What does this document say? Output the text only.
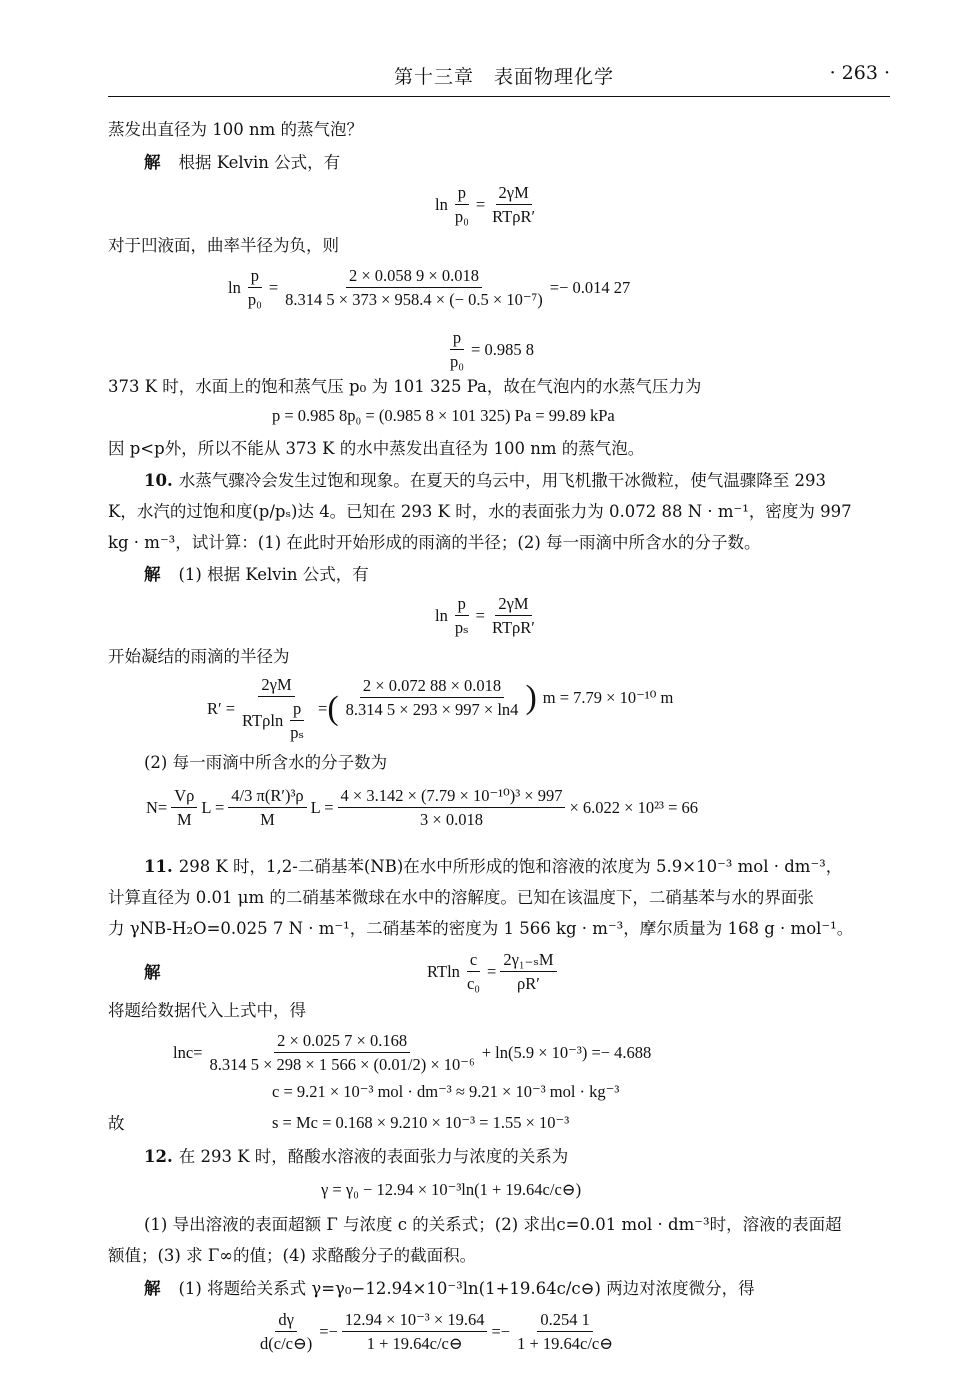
第十三章　表面物理化学	· 263 ·
蒸发出直径为 100 nm 的蒸气泡？
解 根据 Kelvin 公式，有
$\ln \frac{p}{\text{p₀}} = \frac{2\gamma M}{\text{RTρR′}}$
对于凹液面，曲率半径为负，则
$\ln \frac{p}{\text{p₀}} = \frac{2 \times 0.058 9 \times 0.018}{\text{8.314 5 × 373 × 958.4 × (− 0.5 × 10⁻⁷)}} =- 0.014$ 27
$\frac{p}{\text{p₀}} = 0.985$ 8
373 K 时，水面上的饱和蒸气压 p₀ 为 101 325 Pa，故在气泡内的水蒸气压力为
p = 0.985 8p₀ = (0.985 8 × 101 325) Pa = 99.89 kPa
因 p<p外，所以不能从 373 K 的水中蒸发出直径为 100 nm 的蒸气泡。
10. 水蒸气骤冷会发生过饱和现象。在夏天的乌云中，用飞机撒干冰微粒，使气温骤降至 293
K，水汽的过饱和度(p/pₛ)达 4。已知在 293 K 时，水的表面张力为 0.072 88 N · m⁻¹，密度为 997
kg · m⁻³，试计算：(1) 在此时开始形成的雨滴的半径；(2) 每一雨滴中所含水的分子数。
解 (1) 根据 Kelvin 公式，有
$\ln \frac{p}{\text{pₛ}} = \frac{2\gamma M}{\text{RTρR′}}$
开始凝结的雨滴的半径为
$R' = \frac{2\gamma M}{RT\rho\ln \frac{p}{\text{pₛ}}}$ = ( $\frac{2 \times 0.072 88 \times 0.018}{8.314 5 \times 293 \times 997 \times \ln 4}$ ) m = 7.79 × 10⁻¹⁰ m
(2) 每一雨滴中所含水的分子数为
$N= \frac{V\rho}{M}$ $L = \frac{\text{4/3 π(R′)³ρ}}{M}$ $L = \frac{\text{4 × 3.142 × (7.79 × 10⁻¹⁰)³ × 997}}{3 \times 0.018} \times 6.022 \times 10^{23} = 66$
11. 298 K 时，1,2-二硝基苯(NB)在水中所形成的饱和溶液的浓度为 5.9×10⁻³ mol · dm⁻³，
计算直径为 0.01 μm 的二硝基苯微球在水中的溶解度。已知在该温度下，二硝基苯与水的界面张
力 γNB-H₂O=0.025 7 N · m⁻¹，二硝基苯的密度为 1 566 kg · m⁻³，摩尔质量为 168 g · mol⁻¹。
解	RTln $\frac{c}{\text{c₀}} = \frac{\text{2γ₁₋ₛM}}{\rho R'}$
将题给数据代入上式中，得
$\ln c= \frac{2 \times 0.025 7 \times 0.168}{\text{8.314 5 × 298 × 1 566 × (0.01/2) × 10⁻⁶}} + \ln(5.9 \times 10^{-3}) =- 4.688$
c = 9.21 × 10⁻³ mol · dm⁻³ ≈ 9.21 × 10⁻³ mol · kg⁻³
故	s = Mc = 0.168 × 9.210 × 10⁻³ = 1.55 × 10⁻³
12. 在 293 K 时，酪酸水溶液的表面张力与浓度的关系为
γ = γ₀ − 12.94 × 10⁻³ln(1 + 19.64c/c⊖)
(1) 导出溶液的表面超额 Γ 与浓度 c 的关系式；(2) 求出c=0.01 mol · dm⁻³时，溶液的表面超
额值；(3) 求 Γ∞的值；(4) 求酪酸分子的截面积。
解 (1) 将题给关系式 γ=γ₀−12.94×10⁻³ln(1+19.64c/c⊖) 两边对浓度微分，得
$\frac{d\gamma}{d(c/c⊖)} =- \frac{\text{12.94 × 10⁻³ × 19.64}}{1 + 19.64c/c⊖} =- \frac{0.254 1}{1 + 19.64c/c⊖}$
